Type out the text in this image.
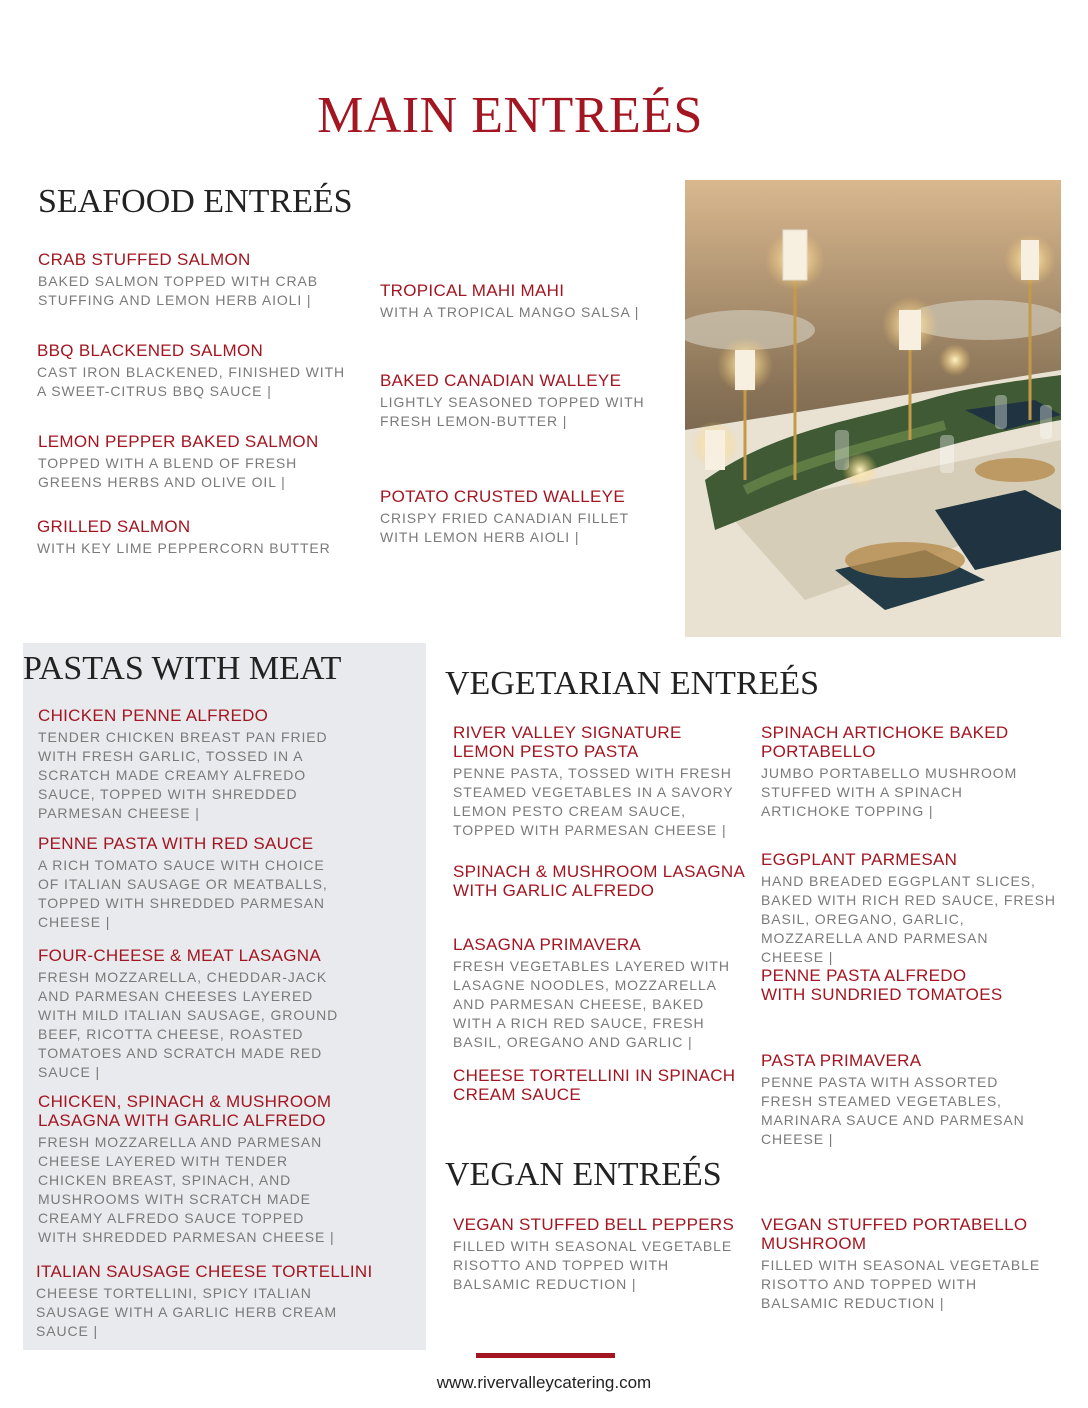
MAIN ENTREÉS
SEAFOOD ENTREÉS
CRAB STUFFED SALMON
BAKED SALMON TOPPED WITH CRAB STUFFING AND LEMON HERB AIOLI |
BBQ BLACKENED SALMON
CAST IRON BLACKENED, FINISHED WITH A SWEET-CITRUS BBQ SAUCE |
LEMON PEPPER BAKED SALMON
TOPPED WITH A BLEND OF FRESH GREENS HERBS AND OLIVE OIL |
GRILLED SALMON
WITH KEY LIME PEPPERCORN BUTTER
TROPICAL MAHI MAHI
WITH A TROPICAL MANGO SALSA |
BAKED CANADIAN WALLEYE
LIGHTLY SEASONED TOPPED WITH FRESH LEMON-BUTTER |
POTATO CRUSTED WALLEYE
CRISPY FRIED CANADIAN FILLET WITH LEMON HERB AIOLI |
PASTAS WITH MEAT
CHICKEN PENNE ALFREDO
TENDER CHICKEN BREAST PAN FRIED WITH FRESH GARLIC, TOSSED IN A SCRATCH MADE CREAMY ALFREDO SAUCE, TOPPED WITH SHREDDED PARMESAN CHEESE |
PENNE PASTA WITH RED SAUCE
A RICH TOMATO SAUCE WITH CHOICE OF ITALIAN SAUSAGE OR MEATBALLS, TOPPED WITH SHREDDED PARMESAN CHEESE |
FOUR-CHEESE & MEAT LASAGNA
FRESH MOZZARELLA, CHEDDAR-JACK AND PARMESAN CHEESES LAYERED WITH MILD ITALIAN SAUSAGE, GROUND BEEF, RICOTTA CHEESE, ROASTED TOMATOES AND SCRATCH MADE RED SAUCE |
CHICKEN, SPINACH & MUSHROOM
LASAGNA WITH GARLIC ALFREDO
FRESH MOZZARELLA AND PARMESAN CHEESE LAYERED WITH TENDER CHICKEN BREAST, SPINACH, AND MUSHROOMS WITH SCRATCH MADE CREAMY ALFREDO SAUCE TOPPED WITH SHREDDED PARMESAN CHEESE |
ITALIAN SAUSAGE CHEESE TORTELLINI
CHEESE TORTELLINI, SPICY ITALIAN SAUSAGE WITH A GARLIC HERB CREAM SAUCE |
VEGETARIAN ENTREÉS
RIVER VALLEY SIGNATURE
LEMON PESTO PASTA
PENNE PASTA, TOSSED WITH FRESH STEAMED VEGETABLES IN A SAVORY LEMON PESTO CREAM SAUCE, TOPPED WITH PARMESAN CHEESE |
SPINACH & MUSHROOM LASAGNA
WITH GARLIC ALFREDO
LASAGNA PRIMAVERA
FRESH VEGETABLES LAYERED WITH LASAGNE NOODLES, MOZZARELLA AND PARMESAN CHEESE, BAKED WITH A RICH RED SAUCE, FRESH BASIL, OREGANO AND GARLIC |
CHEESE TORTELLINI IN SPINACH
CREAM SAUCE
SPINACH ARTICHOKE BAKED
PORTABELLO
JUMBO PORTABELLO MUSHROOM STUFFED WITH A SPINACH ARTICHOKE TOPPING |
EGGPLANT PARMESAN
HAND BREADED EGGPLANT SLICES, BAKED WITH RICH RED SAUCE, FRESH BASIL, OREGANO, GARLIC, MOZZARELLA AND PARMESAN CHEESE |
PENNE PASTA ALFREDO
WITH SUNDRIED TOMATOES
PASTA PRIMAVERA
PENNE PASTA WITH ASSORTED FRESH STEAMED VEGETABLES, MARINARA SAUCE AND PARMESAN CHEESE |
VEGAN ENTREÉS
VEGAN STUFFED BELL PEPPERS
FILLED WITH SEASONAL VEGETABLE RISOTTO AND TOPPED WITH BALSAMIC REDUCTION |
VEGAN STUFFED PORTABELLO
MUSHROOM
FILLED WITH SEASONAL VEGETABLE RISOTTO AND TOPPED WITH BALSAMIC REDUCTION |
www.rivervalleycatering.com
